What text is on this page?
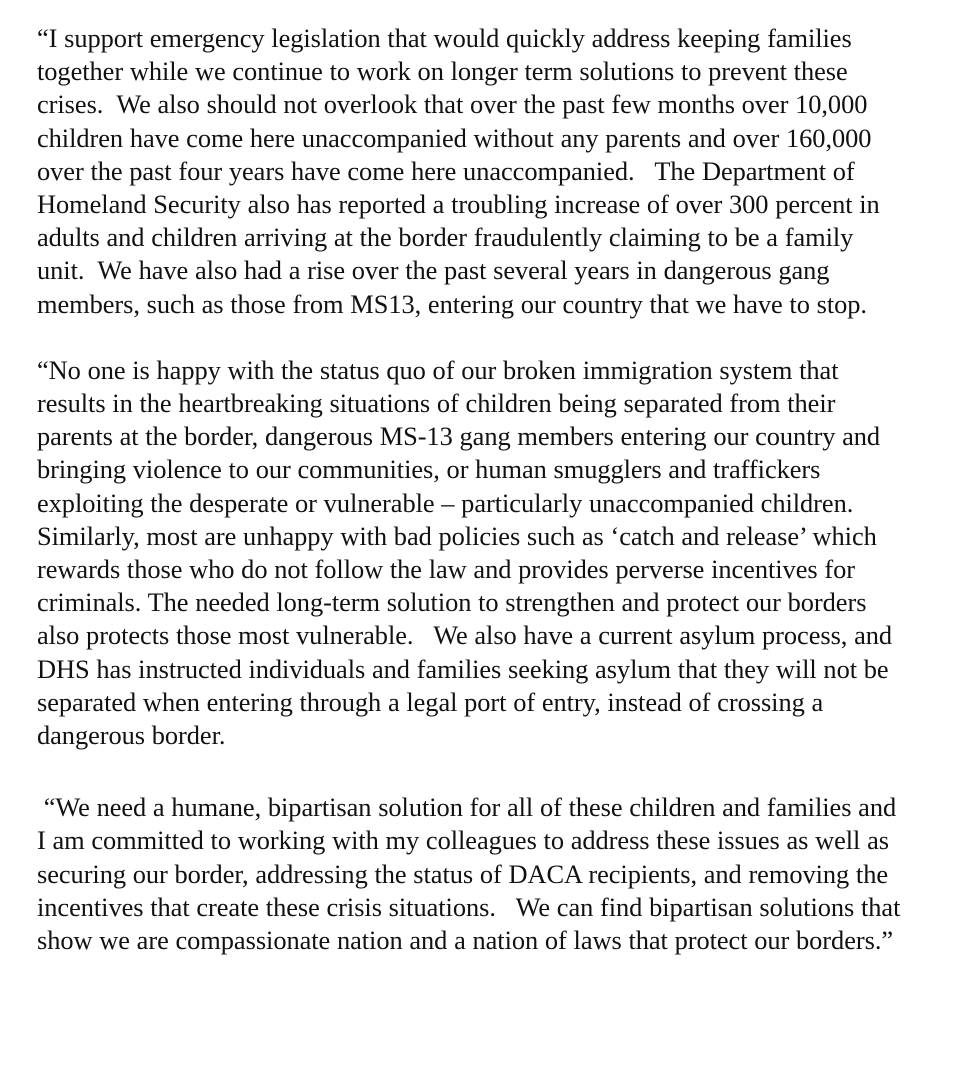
“I support emergency legislation that would quickly address keeping families together while we continue to work on longer term solutions to prevent these crises.  We also should not overlook that over the past few months over 10,000 children have come here unaccompanied without any parents and over 160,000 over the past four years have come here unaccompanied.   The Department of Homeland Security also has reported a troubling increase of over 300 percent in adults and children arriving at the border fraudulently claiming to be a family unit.  We have also had a rise over the past several years in dangerous gang members, such as those from MS13, entering our country that we have to stop.

“No one is happy with the status quo of our broken immigration system that results in the heartbreaking situations of children being separated from their parents at the border, dangerous MS-13 gang members entering our country and bringing violence to our communities, or human smugglers and traffickers exploiting the desperate or vulnerable – particularly unaccompanied children.   Similarly, most are unhappy with bad policies such as ‘catch and release’ which rewards those who do not follow the law and provides perverse incentives for criminals. The needed long-term solution to strengthen and protect our borders also protects those most vulnerable.   We also have a current asylum process, and DHS has instructed individuals and families seeking asylum that they will not be separated when entering through a legal port of entry, instead of crossing a dangerous border.

“We need a humane, bipartisan solution for all of these children and families and I am committed to working with my colleagues to address these issues as well as securing our border, addressing the status of DACA recipients, and removing the incentives that create these crisis situations.   We can find bipartisan solutions that show we are compassionate nation and a nation of laws that protect our borders.”
